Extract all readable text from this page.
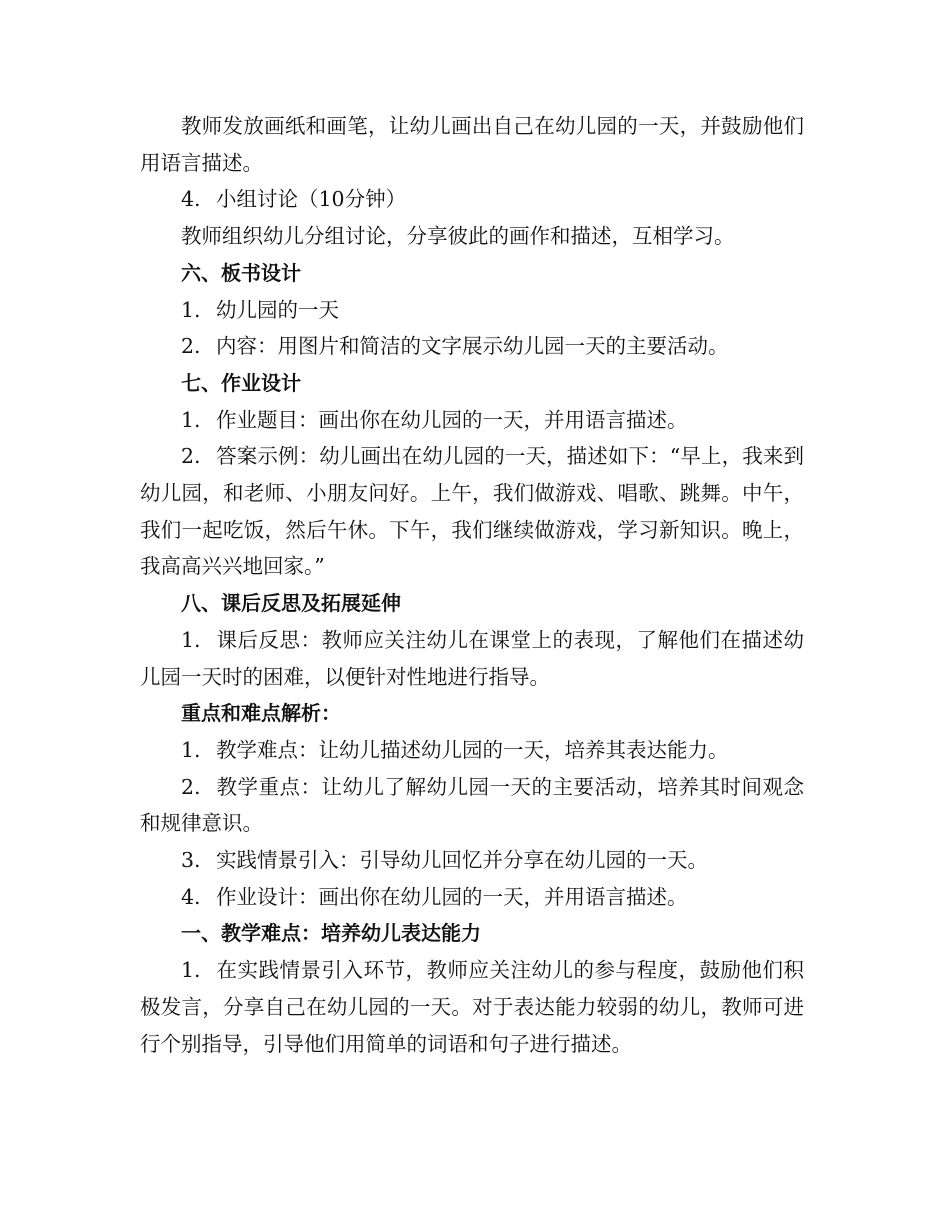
教师发放画纸和画笔，让幼儿画出自己在幼儿园的一天，并鼓励他们用语言描述。

4. 小组讨论（10分钟）

教师组织幼儿分组讨论，分享彼此的画作和描述，互相学习。

六、板书设计

1. 幼儿园的一天

2. 内容：用图片和简洁的文字展示幼儿园一天的主要活动。

七、作业设计

1. 作业题目：画出你在幼儿园的一天，并用语言描述。

2. 答案示例：幼儿画出在幼儿园的一天，描述如下：“早上，我来到幼儿园，和老师、小朋友问好。上午，我们做游戏、唱歌、跳舞。中午，我们一起吃饭，然后午休。下午，我们继续做游戏，学习新知识。晚上，我高高兴兴地回家。”

八、课后反思及拓展延伸

1. 课后反思：教师应关注幼儿在课堂上的表现，了解他们在描述幼儿园一天时的困难，以便针对性地进行指导。

重点和难点解析：

1. 教学难点：让幼儿描述幼儿园的一天，培养其表达能力。

2. 教学重点：让幼儿了解幼儿园一天的主要活动，培养其时间观念和规律意识。

3. 实践情景引入：引导幼儿回忆并分享在幼儿园的一天。

4. 作业设计：画出你在幼儿园的一天，并用语言描述。

一、教学难点：培养幼儿表达能力

1. 在实践情景引入环节，教师应关注幼儿的参与程度，鼓励他们积极发言，分享自己在幼儿园的一天。对于表达能力较弱的幼儿，教师可进行个别指导，引导他们用简单的词语和句子进行描述。
